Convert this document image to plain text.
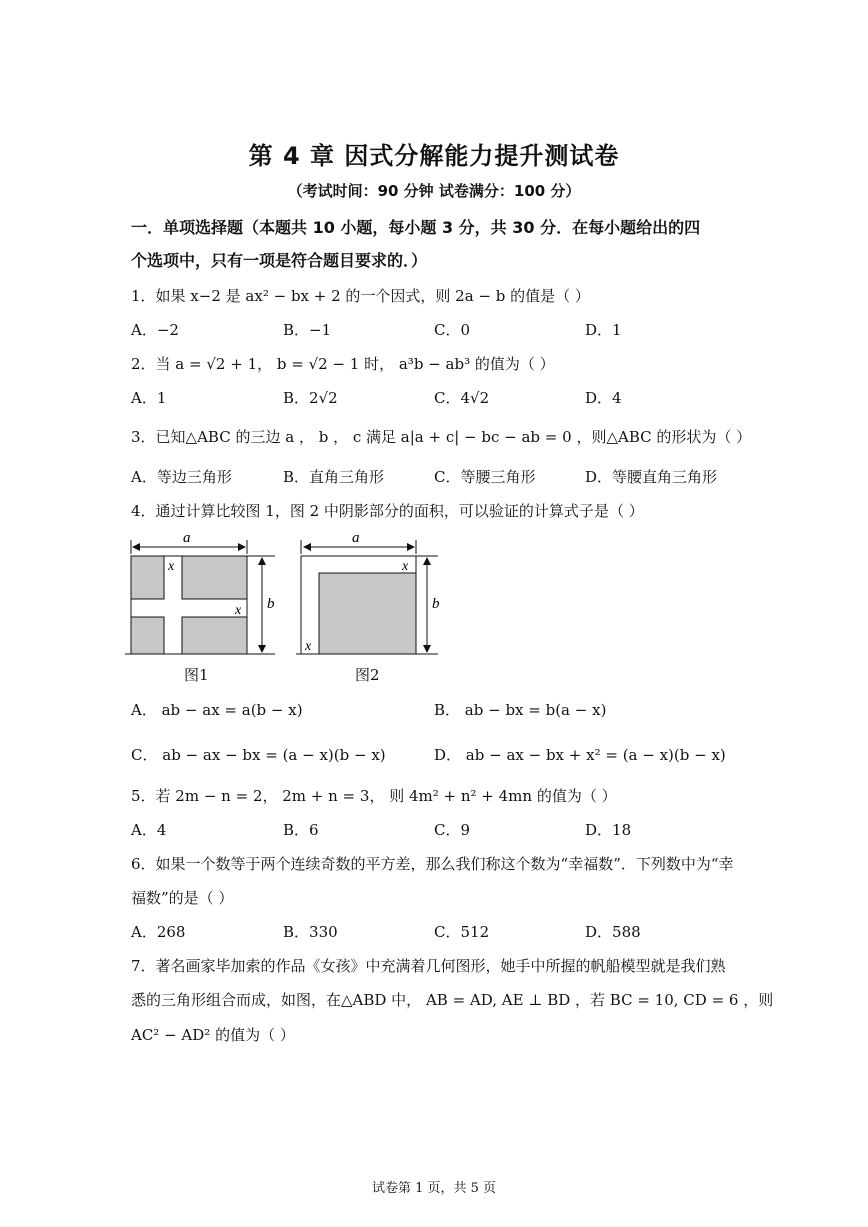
第 4 章 因式分解能力提升测试卷
（考试时间：90 分钟 试卷满分：100 分）
一．单项选择题（本题共 10 小题，每小题 3 分，共 30 分．在每小题给出的四
个选项中，只有一项是符合题目要求的．）
1．如果 x−2 是 ax² − bx + 2 的一个因式，则 2a − b 的值是（ ）
A．−2	B．−1	C．0	D．1
2．当 a = √2 + 1， b = √2 − 1 时， a³b − ab³ 的值为（ ）
A．1	B．2√2	C．4√2	D．4
3．已知△ABC 的三边 a ， b ， c 满足 a|a + c| − bc − ab = 0 ，则△ABC 的形状为（ ）
A．等边三角形	B．直角三角形	C．等腰三角形	D．等腰直角三角形
4．通过计算比较图 1，图 2 中阴影部分的面积，可以验证的计算式子是（ ）
a
x
x b
a
x
x
b
图1	图2
A． ab − ax = a(b − x)	B． ab − bx = b(a − x)
C． ab − ax − bx = (a − x)(b − x)	D． ab − ax − bx + x² = (a − x)(b − x)
5．若 2m − n = 2， 2m + n = 3， 则 4m² + n² + 4mn 的值为（ ）
A．4	B．6	C．9	D．18
6．如果一个数等于两个连续奇数的平方差，那么我们称这个数为“幸福数”．下列数中为“幸
福数”的是（ ）
A．268	B．330	C．512	D．588
7．著名画家毕加索的作品《女孩》中充满着几何图形，她手中所握的帆船模型就是我们熟
悉的三角形组合而成，如图，在△ABD 中， AB = AD, AE ⊥ BD ，若 BC = 10, CD = 6 ，则
AC² − AD² 的值为（ ）
试卷第 1 页，共 5 页
